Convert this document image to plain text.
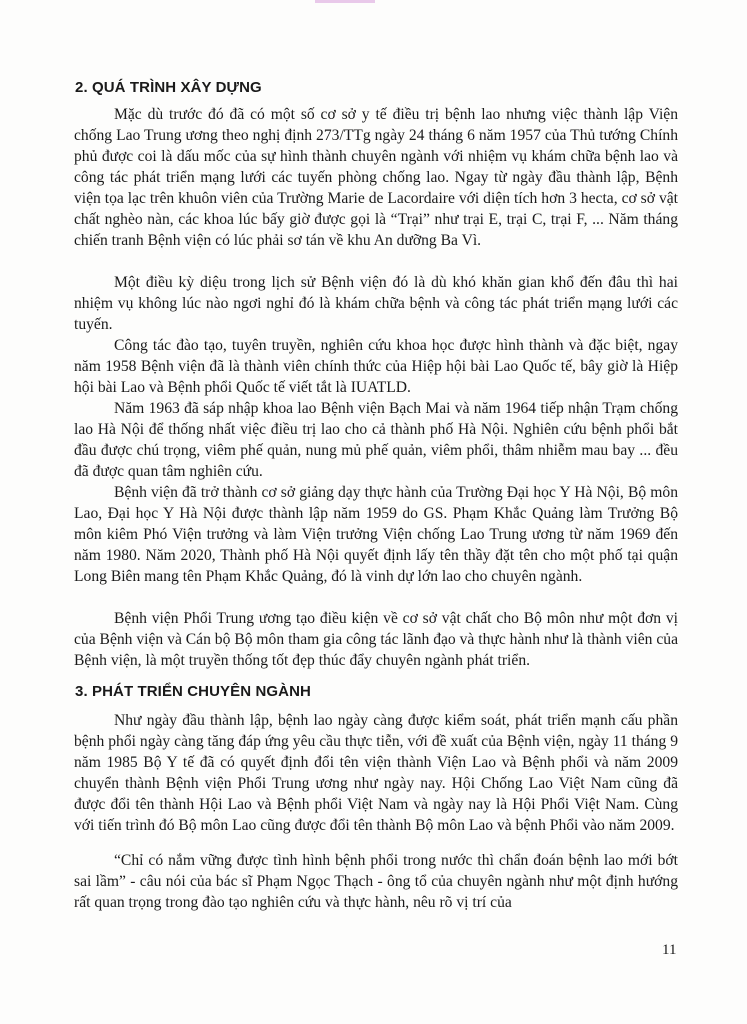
2. QUÁ TRÌNH XÂY DỰNG

Mặc dù trước đó đã có một số cơ sở y tế điều trị bệnh lao nhưng việc thành lập Viện chống Lao Trung ương theo nghị định 273/TTg ngày 24 tháng 6 năm 1957 của Thủ tướng Chính phủ được coi là dấu mốc của sự hình thành chuyên ngành với nhiệm vụ khám chữa bệnh lao và công tác phát triển mạng lưới các tuyến phòng chống lao. Ngay từ ngày đầu thành lập, Bệnh viện tọa lạc trên khuôn viên của Trường Marie de Lacordaire với diện tích hơn 3 hecta, cơ sở vật chất nghèo nàn, các khoa lúc bấy giờ được gọi là “Trại” như trại E, trại C, trại F, ... Năm tháng chiến tranh Bệnh viện có lúc phải sơ tán về khu An dưỡng Ba Vì.

Một điều kỳ diệu trong lịch sử Bệnh viện đó là dù khó khăn gian khổ đến đâu thì hai nhiệm vụ không lúc nào ngơi nghỉ đó là khám chữa bệnh và công tác phát triển mạng lưới các tuyến.

Công tác đào tạo, tuyên truyền, nghiên cứu khoa học được hình thành và đặc biệt, ngay năm 1958 Bệnh viện đã là thành viên chính thức của Hiệp hội bài Lao Quốc tế, bây giờ là Hiệp hội bài Lao và Bệnh phổi Quốc tế viết tắt là IUATLD.

Năm 1963 đã sáp nhập khoa lao Bệnh viện Bạch Mai và năm 1964 tiếp nhận Trạm chống lao Hà Nội để thống nhất việc điều trị lao cho cả thành phố Hà Nội. Nghiên cứu bệnh phổi bắt đầu được chú trọng, viêm phế quản, nung mủ phế quản, viêm phổi, thâm nhiễm mau bay ... đều đã được quan tâm nghiên cứu.

Bệnh viện đã trở thành cơ sở giảng dạy thực hành của Trường Đại học Y Hà Nội, Bộ môn Lao, Đại học Y Hà Nội được thành lập năm 1959 do GS. Phạm Khắc Quảng làm Trưởng Bộ môn kiêm Phó Viện trưởng và làm Viện trưởng Viện chống Lao Trung ương từ năm 1969 đến năm 1980. Năm 2020, Thành phố Hà Nội quyết định lấy tên thầy đặt tên cho một phố tại quận Long Biên mang tên Phạm Khắc Quảng, đó là vinh dự lớn lao cho chuyên ngành.

Bệnh viện Phổi Trung ương tạo điều kiện về cơ sở vật chất cho Bộ môn như một đơn vị của Bệnh viện và Cán bộ Bộ môn tham gia công tác lãnh đạo và thực hành như là thành viên của Bệnh viện, là một truyền thống tốt đẹp thúc đẩy chuyên ngành phát triển.

3. PHÁT TRIỂN CHUYÊN NGÀNH

Như ngày đầu thành lập, bệnh lao ngày càng được kiểm soát, phát triển mạnh cấu phần bệnh phổi ngày càng tăng đáp ứng yêu cầu thực tiễn, với đề xuất của Bệnh viện, ngày 11 tháng 9 năm 1985 Bộ Y tế đã có quyết định đổi tên viện thành Viện Lao và Bệnh phổi và năm 2009 chuyển thành Bệnh viện Phổi Trung ương như ngày nay. Hội Chống Lao Việt Nam cũng đã được đổi tên thành Hội Lao và Bệnh phổi Việt Nam và ngày nay là Hội Phổi Việt Nam. Cùng với tiến trình đó Bộ môn Lao cũng được đổi tên thành Bộ môn Lao và bệnh Phổi vào năm 2009.

“Chỉ có nắm vững được tình hình bệnh phổi trong nước thì chẩn đoán bệnh lao mới bớt sai lầm” - câu nói của bác sĩ Phạm Ngọc Thạch - ông tổ của chuyên ngành như một định hướng rất quan trọng trong đào tạo nghiên cứu và thực hành, nêu rõ vị trí của

11
